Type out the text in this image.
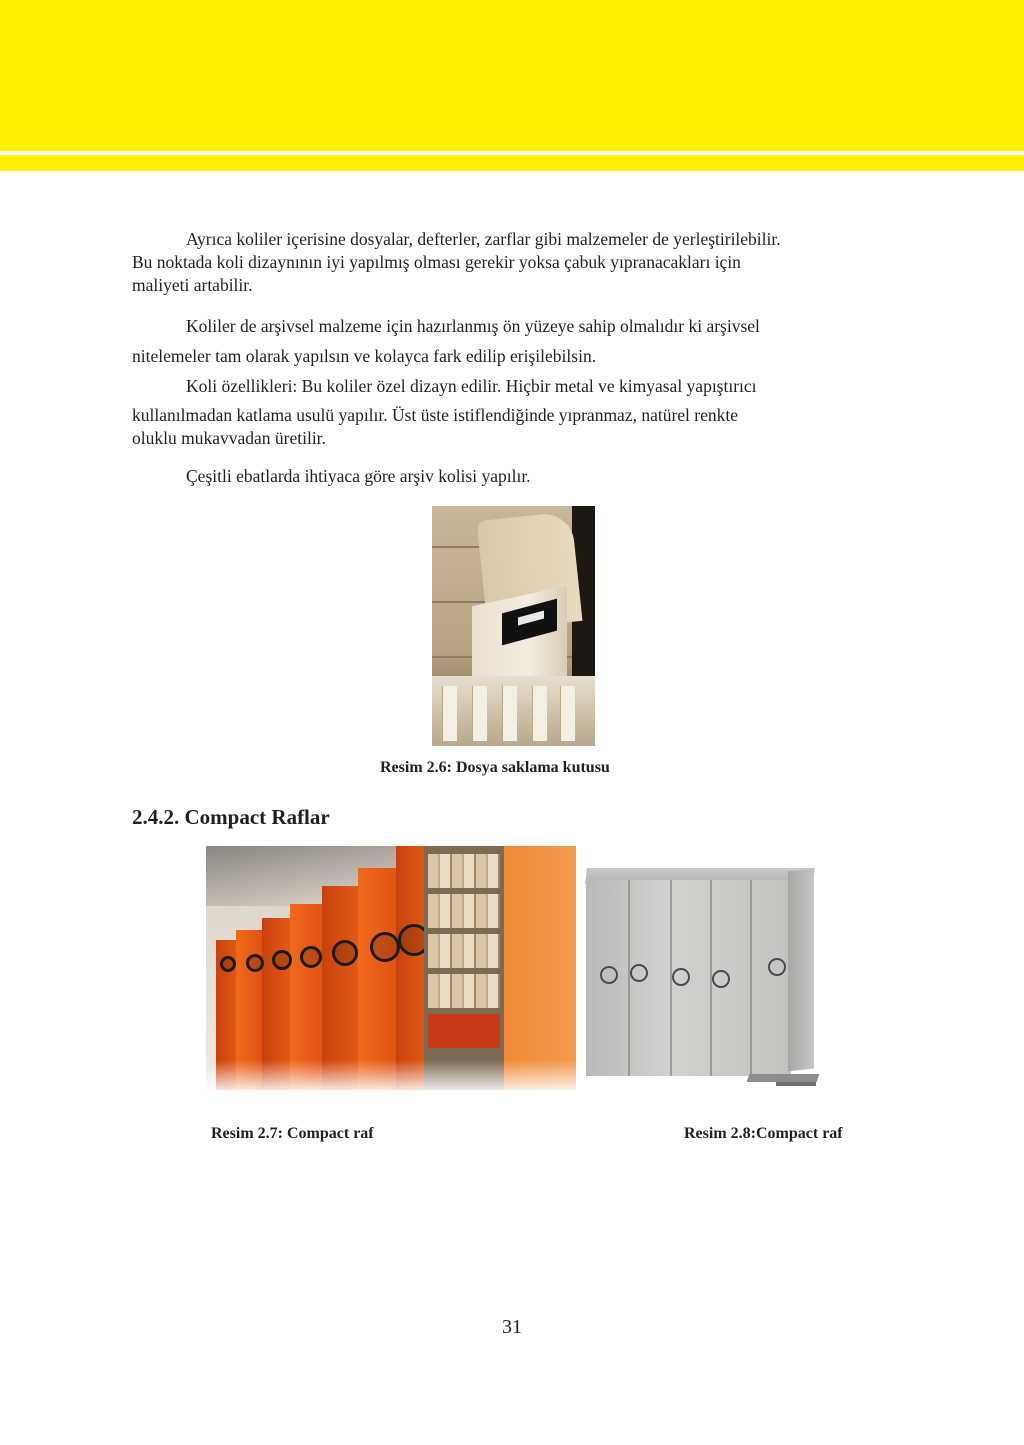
Ayrıca koliler içerisine dosyalar, defterler, zarflar gibi malzemeler de yerleştirilebilir.
Bu noktada koli dizaynının iyi yapılmış olması gerekir yoksa çabuk yıpranacakları için
maliyeti artabilir.

Koliler de arşivsel malzeme için hazırlanmış ön yüzeye sahip olmalıdır ki arşivsel
nitelemeler tam olarak yapılsın ve kolayca fark edilip erişilebilsin.

Koli özellikleri: Bu koliler özel dizayn edilir. Hiçbir metal ve kimyasal yapıştırıcı
kullanılmadan katlama usulü yapılır. Üst üste istiflendiğinde yıpranmaz, natürel renkte
oluklu mukavvadan üretilir.

Çeşitli ebatlarda ihtiyaca göre arşiv kolisi yapılır.

Resim 2.6: Dosya saklama kutusu

2.4.2. Compact Raflar

Resim 2.7: Compact raf	Resim 2.8:Compact raf

31
